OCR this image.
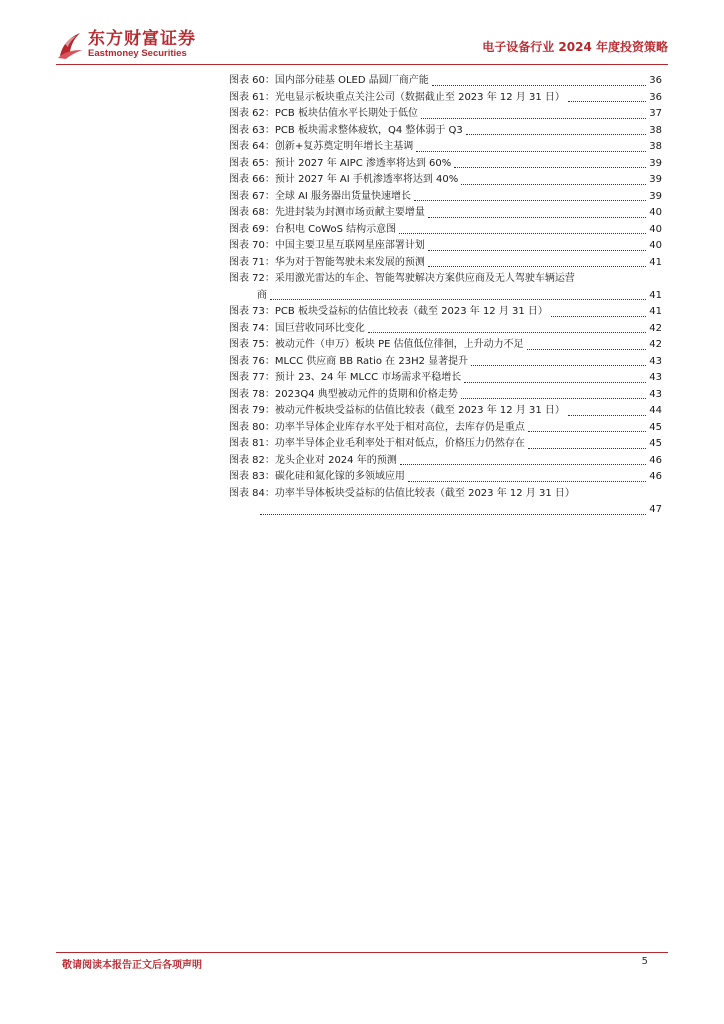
东方财富证券
Eastmoney Securities	电子设备行业 2024 年度投资策略
图表 60：国内部分硅基 OLED 晶圆厂商产能	36
图表 61：光电显示板块重点关注公司（数据截止至 2023 年 12 月 31 日）	36
图表 62：PCB 板块估值水平长期处于低位	37
图表 63：PCB 板块需求整体疲软，Q4 整体弱于 Q3	38
图表 64：创新+复苏奠定明年增长主基调	38
图表 65：预计 2027 年 AIPC 渗透率将达到 60%	39
图表 66：预计 2027 年 AI 手机渗透率将达到 40%	39
图表 67：全球 AI 服务器出货量快速增长	39
图表 68：先进封装为封测市场贡献主要增量	40
图表 69：台积电 CoWoS 结构示意图	40
图表 70：中国主要卫星互联网星座部署计划	40
图表 71：华为对于智能驾驶未来发展的预测	41
图表 72：采用激光雷达的车企、智能驾驶解决方案供应商及无人驾驶车辆运营
商	41
图表 73：PCB 板块受益标的估值比较表（截至 2023 年 12 月 31 日）	41
图表 74：国巨营收同环比变化	42
图表 75：被动元件（申万）板块 PE 估值低位徘徊，上升动力不足	42
图表 76：MLCC 供应商 BB Ratio 在 23H2 显著提升	43
图表 77：预计 23、24 年 MLCC 市场需求平稳增长	43
图表 78：2023Q4 典型被动元件的货期和价格走势	43
图表 79：被动元件板块受益标的估值比较表（截至 2023 年 12 月 31 日）	44
图表 80：功率半导体企业库存水平处于相对高位，去库存仍是重点	45
图表 81：功率半导体企业毛利率处于相对低点，价格压力仍然存在	45
图表 82：龙头企业对 2024 年的预测	46
图表 83：碳化硅和氮化镓的多领域应用	46
图表 84：功率半导体板块受益标的估值比较表（截至 2023 年 12 月 31 日）
47
敬请阅读本报告正文后各项声明	5
